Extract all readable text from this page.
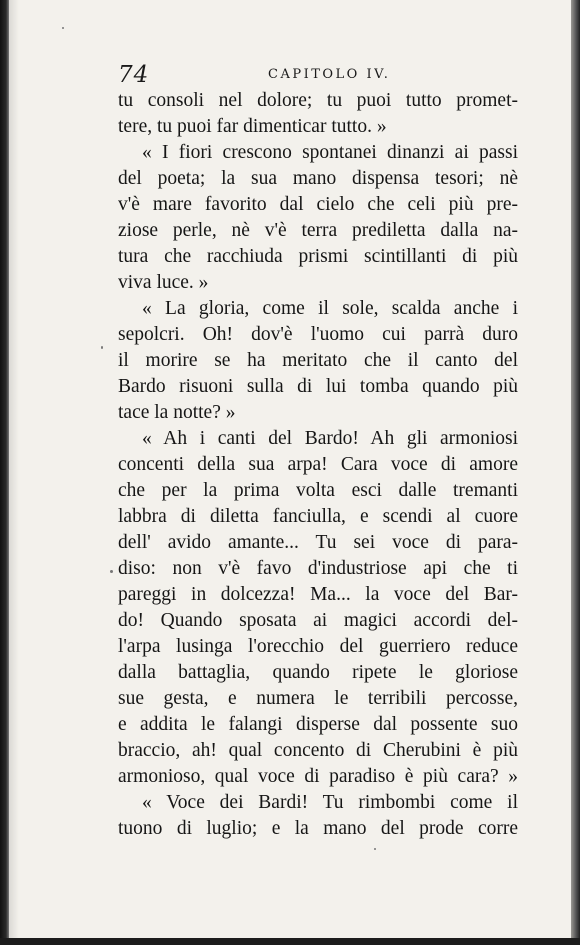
74	CAPITOLO IV.
tu consoli nel dolore; tu puoi tutto promet-
tere, tu puoi far dimenticar tutto. »
« I fiori crescono spontanei dinanzi ai passi
del poeta; la sua mano dispensa tesori; nè
v'è mare favorito dal cielo che celi più pre-
ziose perle, nè v'è terra prediletta dalla na-
tura che racchiuda prismi scintillanti di più
viva luce. »
« La gloria, come il sole, scalda anche i
sepolcri. Oh! dov'è l'uomo cui parrà duro
il morire se ha meritato che il canto del
Bardo risuoni sulla di lui tomba quando più
tace la notte? »
« Ah i canti del Bardo! Ah gli armoniosi
concenti della sua arpa! Cara voce di amore
che per la prima volta esci dalle tremanti
labbra di diletta fanciulla, e scendi al cuore
dell' avido amante... Tu sei voce di para-
diso: non v'è favo d'industriose api che ti
pareggi in dolcezza! Ma... la voce del Bar-
do! Quando sposata ai magici accordi del-
l'arpa lusinga l'orecchio del guerriero reduce
dalla battaglia, quando ripete le gloriose
sue gesta, e numera le terribili percosse,
e addita le falangi disperse dal possente suo
braccio, ah! qual concento di Cherubini è più
armonioso, qual voce di paradiso è più cara? »
« Voce dei Bardi! Tu rimbombi come il
tuono di luglio; e la mano del prode corre
